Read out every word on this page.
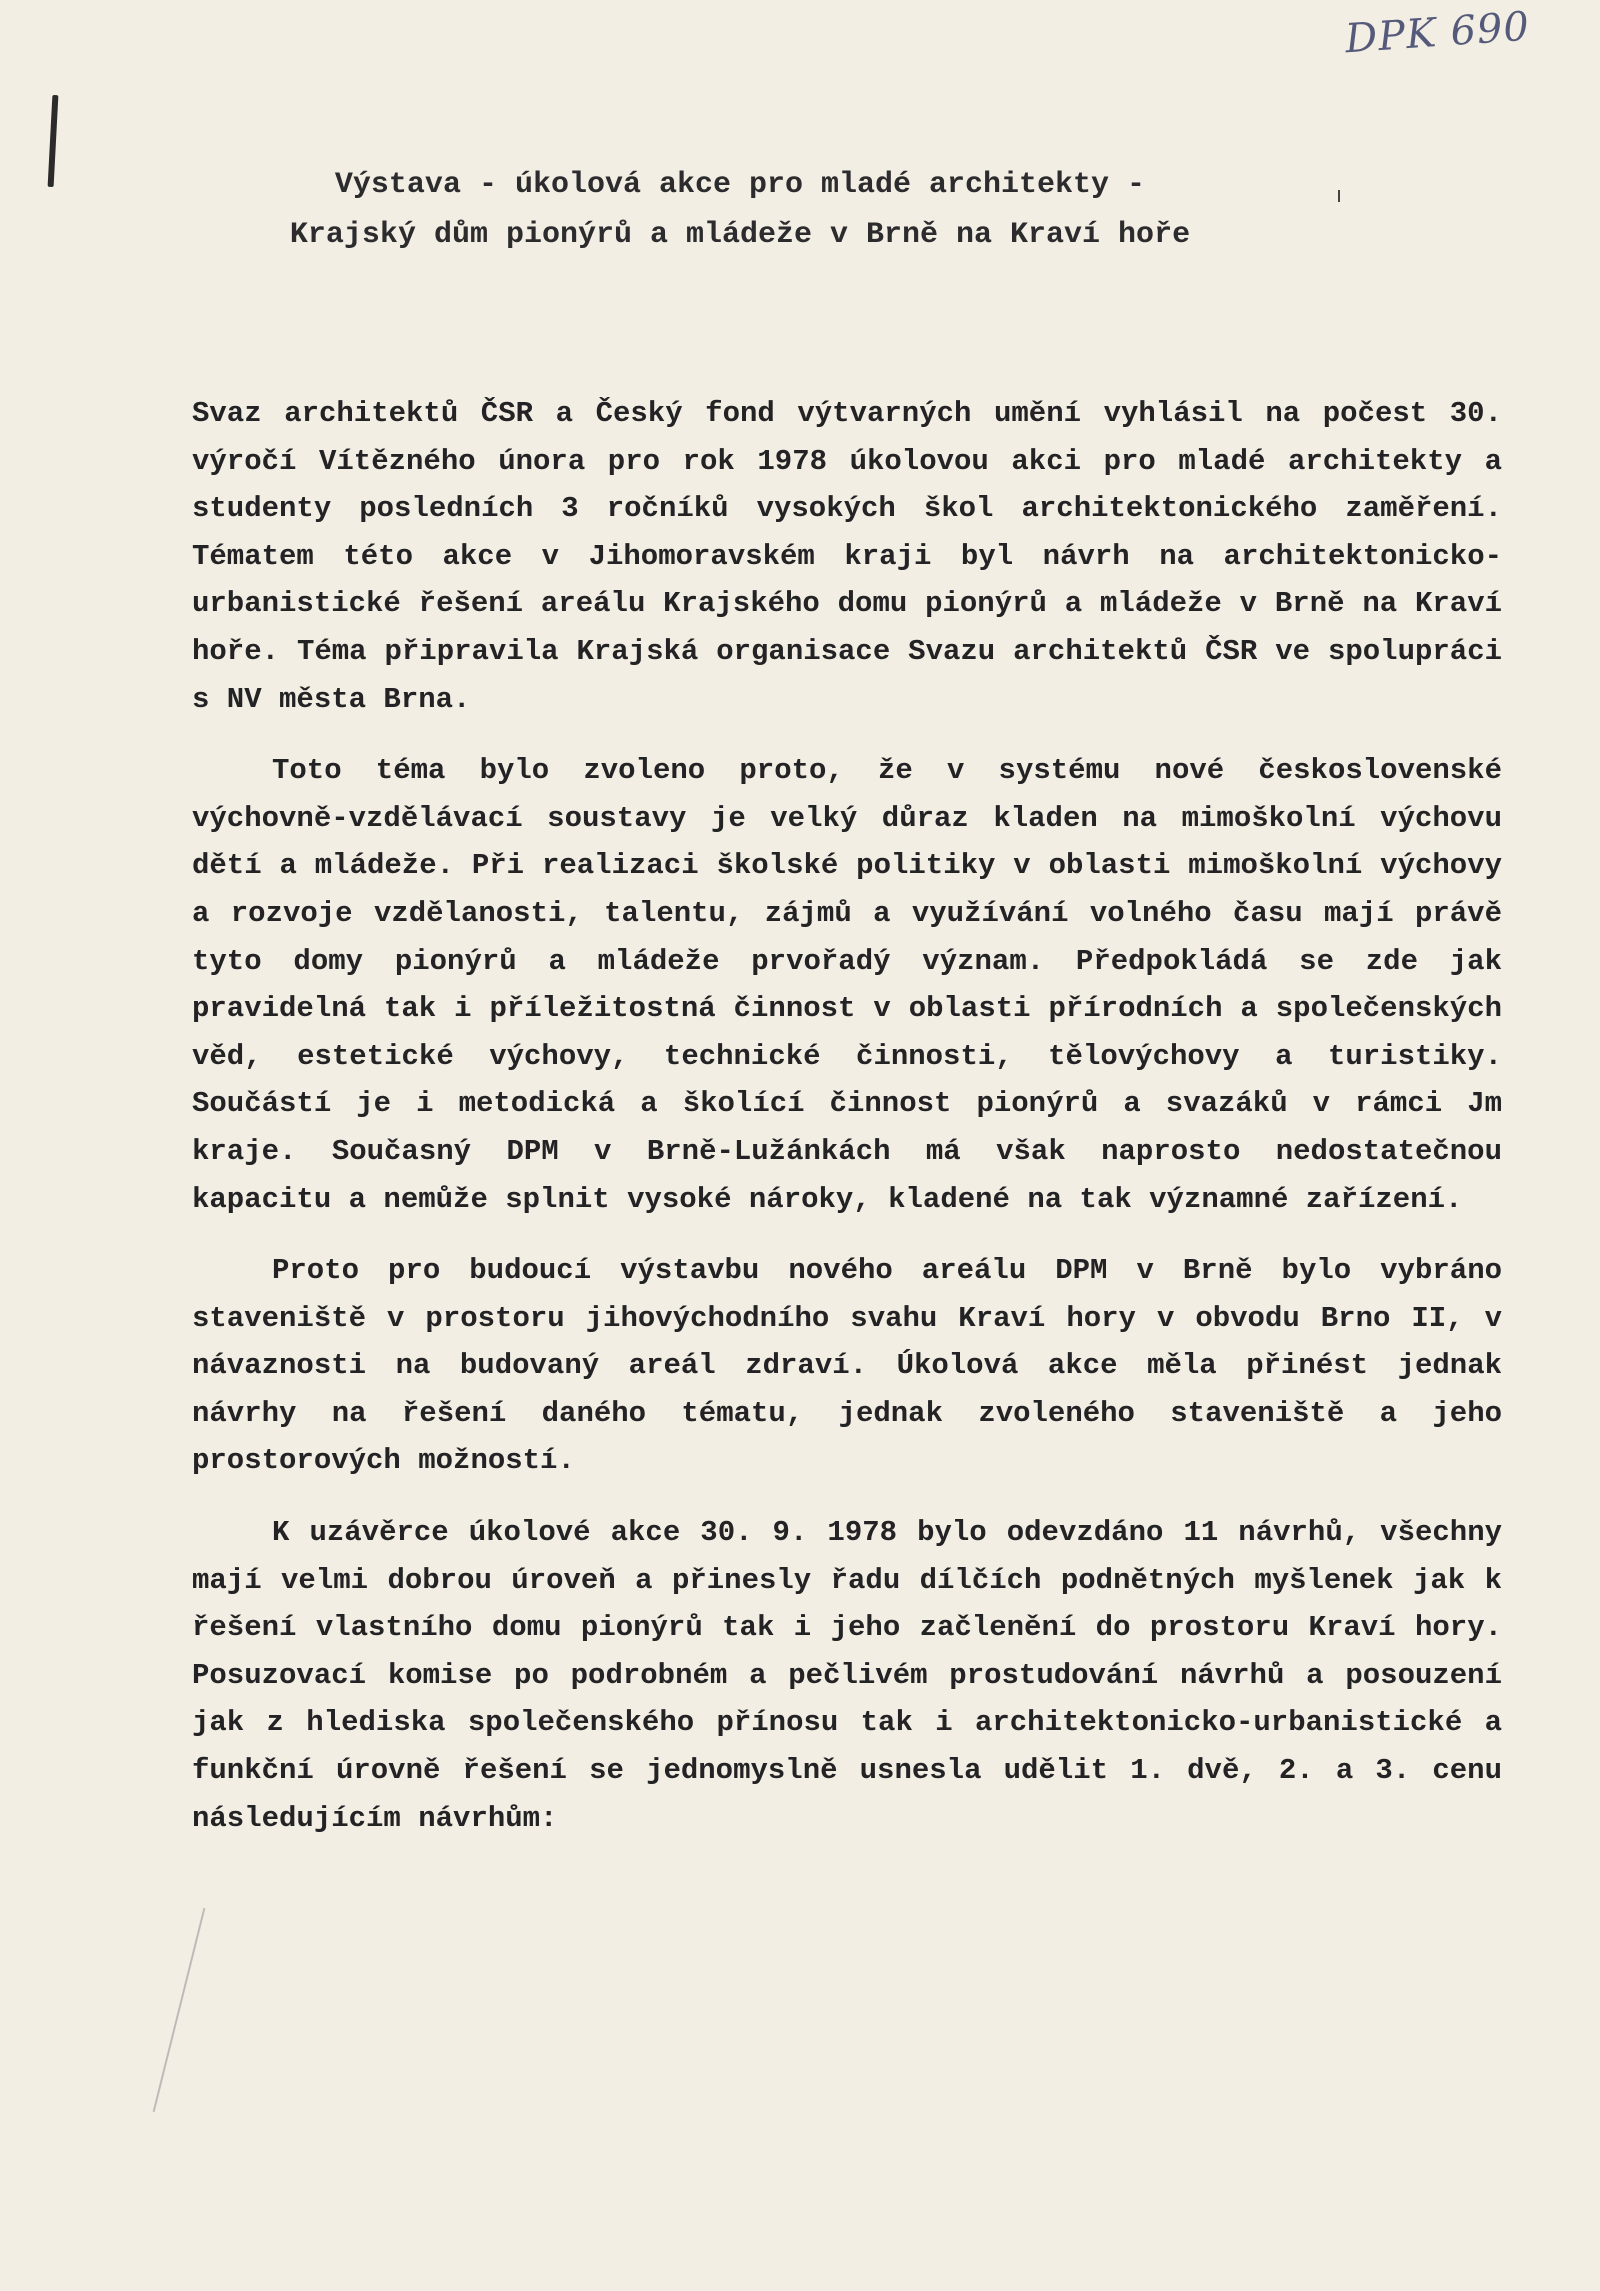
DPK 690
Výstava - úkolová akce pro mladé architekty -
Krajský dům pionýrů a mládeže v Brně na Kraví hoře

Svaz architektů ČSR a Český fond výtvarných umění vyhlásil na počest 30. výročí Vítězného února pro rok 1978 úkolovou akci pro mladé architekty a studenty posledních 3 ročníků vysokých škol architektonického zaměření. Tématem této akce v Jihomoravském kraji byl návrh na architektonicko-urbanistické řešení areálu Krajského domu pionýrů a mládeže v Brně na Kraví hoře. Téma připravila Krajská organisace Svazu architektů ČSR ve spolupráci s NV města Brna.

Toto téma bylo zvoleno proto, že v systému nové československé výchovně-vzdělávací soustavy je velký důraz kladen na mimoškolní výchovu dětí a mládeže. Při realizaci školské politiky v oblasti mimoškolní výchovy a rozvoje vzdělanosti, talentu, zájmů a využívání volného času mají právě tyto domy pionýrů a mládeže prvořadý význam. Předpokládá se zde jak pravidelná tak i příležitostná činnost v oblasti přírodních a společenských věd, estetické výchovy, technické činnosti, tělovýchovy a turistiky. Součástí je i metodická a školící činnost pionýrů a svazáků v rámci Jm kraje. Současný DPM v Brně-Lužánkách má však naprosto nedostatečnou kapacitu a nemůže splnit vysoké nároky, kladené na tak významné zařízení.

Proto pro budoucí výstavbu nového areálu DPM v Brně bylo vybráno staveniště v prostoru jihovýchodního svahu Kraví hory v obvodu Brno II, v návaznosti na budovaný areál zdraví. Úkolová akce měla přinést jednak návrhy na řešení daného tématu, jednak zvoleného staveniště a jeho prostorových možností.

K uzávěrce úkolové akce 30. 9. 1978 bylo odevzdáno 11 návrhů, všechny mají velmi dobrou úroveň a přinesly řadu dílčích podnětných myšlenek jak k řešení vlastního domu pionýrů tak i jeho začlenění do prostoru Kraví hory. Posuzovací komise po podrobném a pečlivém prostudování návrhů a posouzení jak z hlediska společenského přínosu tak i architektonicko-urbanistické a funkční úrovně řešení se jednomyslně usnesla udělit 1. dvě, 2. a 3. cenu následujícím návrhům:
